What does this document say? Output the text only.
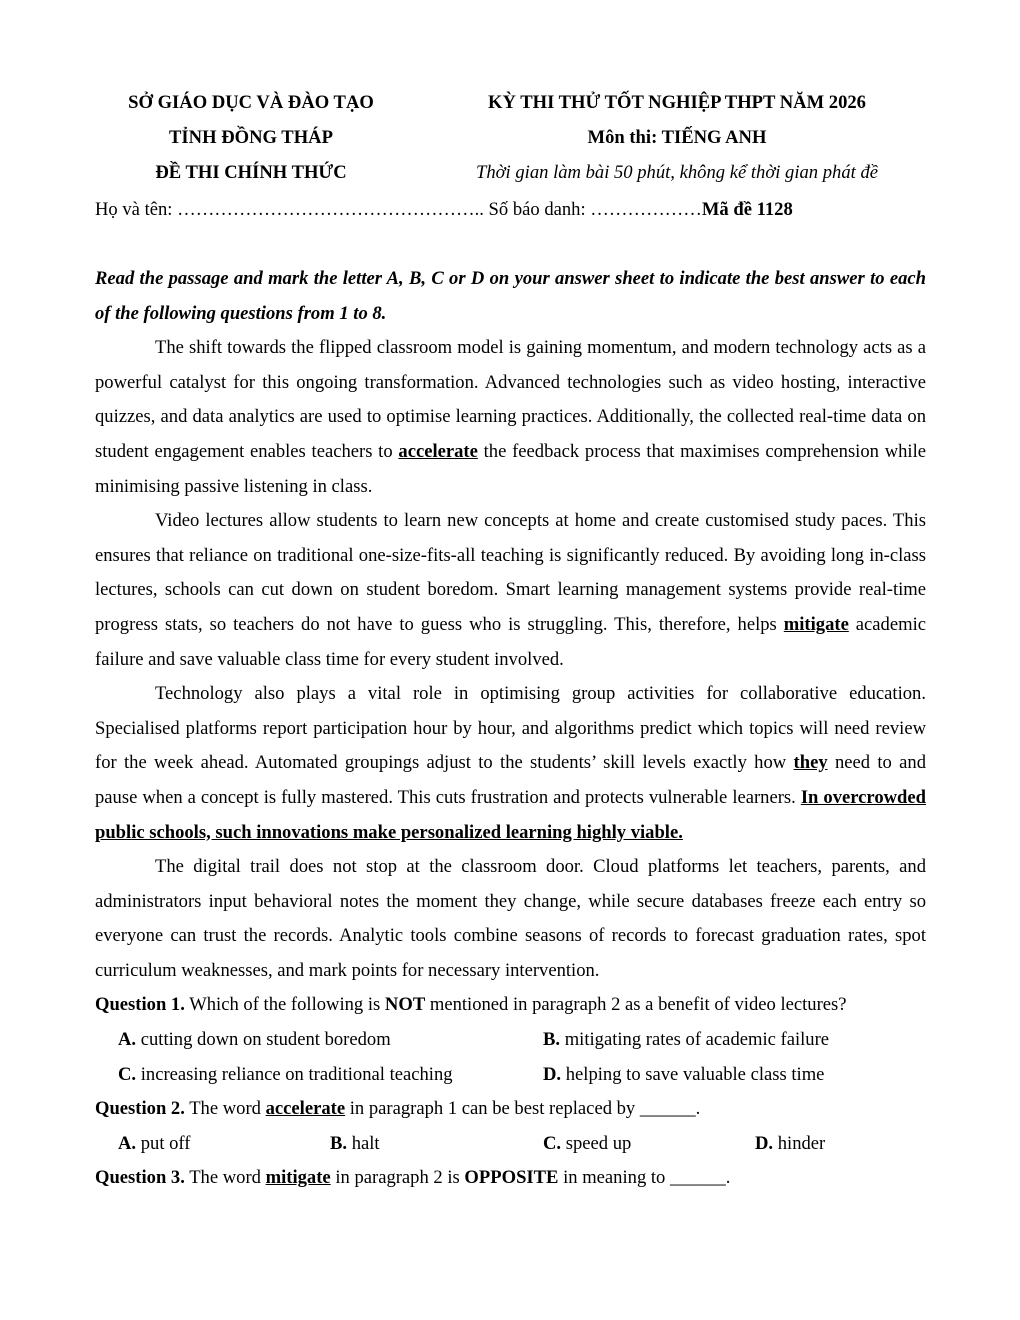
SỞ GIÁO DỤC VÀ ĐÀO TẠO	KỲ THI THỬ TỐT NGHIỆP THPT NĂM 2026
TỈNH ĐỒNG THÁP	Môn thi: TIẾNG ANH
ĐỀ THI CHÍNH THỨC	Thời gian làm bài 50 phút, không kể thời gian phát đề
Họ và tên: ………………………………………….. Số báo danh: ………………Mã đề 1128

Read the passage and mark the letter A, B, C or D on your answer sheet to indicate the best answer to each of the following questions from 1 to 8.

The shift towards the flipped classroom model is gaining momentum, and modern technology acts as a powerful catalyst for this ongoing transformation. Advanced technologies such as video hosting, interactive quizzes, and data analytics are used to optimise learning practices. Additionally, the collected real-time data on student engagement enables teachers to accelerate the feedback process that maximises comprehension while minimising passive listening in class.

Video lectures allow students to learn new concepts at home and create customised study paces. This ensures that reliance on traditional one-size-fits-all teaching is significantly reduced. By avoiding long in-class lectures, schools can cut down on student boredom. Smart learning management systems provide real-time progress stats, so teachers do not have to guess who is struggling. This, therefore, helps mitigate academic failure and save valuable class time for every student involved.

Technology also plays a vital role in optimising group activities for collaborative education. Specialised platforms report participation hour by hour, and algorithms predict which topics will need review for the week ahead. Automated groupings adjust to the students’ skill levels exactly how they need to and pause when a concept is fully mastered. This cuts frustration and protects vulnerable learners. In overcrowded public schools, such innovations make personalized learning highly viable.

The digital trail does not stop at the classroom door. Cloud platforms let teachers, parents, and administrators input behavioral notes the moment they change, while secure databases freeze each entry so everyone can trust the records. Analytic tools combine seasons of records to forecast graduation rates, spot curriculum weaknesses, and mark points for necessary intervention.

Question 1. Which of the following is NOT mentioned in paragraph 2 as a benefit of video lectures?

A. cutting down on student boredom	B. mitigating rates of academic failure
C. increasing reliance on traditional teaching	D. helping to save valuable class time

Question 2. The word accelerate in paragraph 1 can be best replaced by ______.

A. put off	B. halt	C. speed up	D. hinder

Question 3. The word mitigate in paragraph 2 is OPPOSITE in meaning to ______.
